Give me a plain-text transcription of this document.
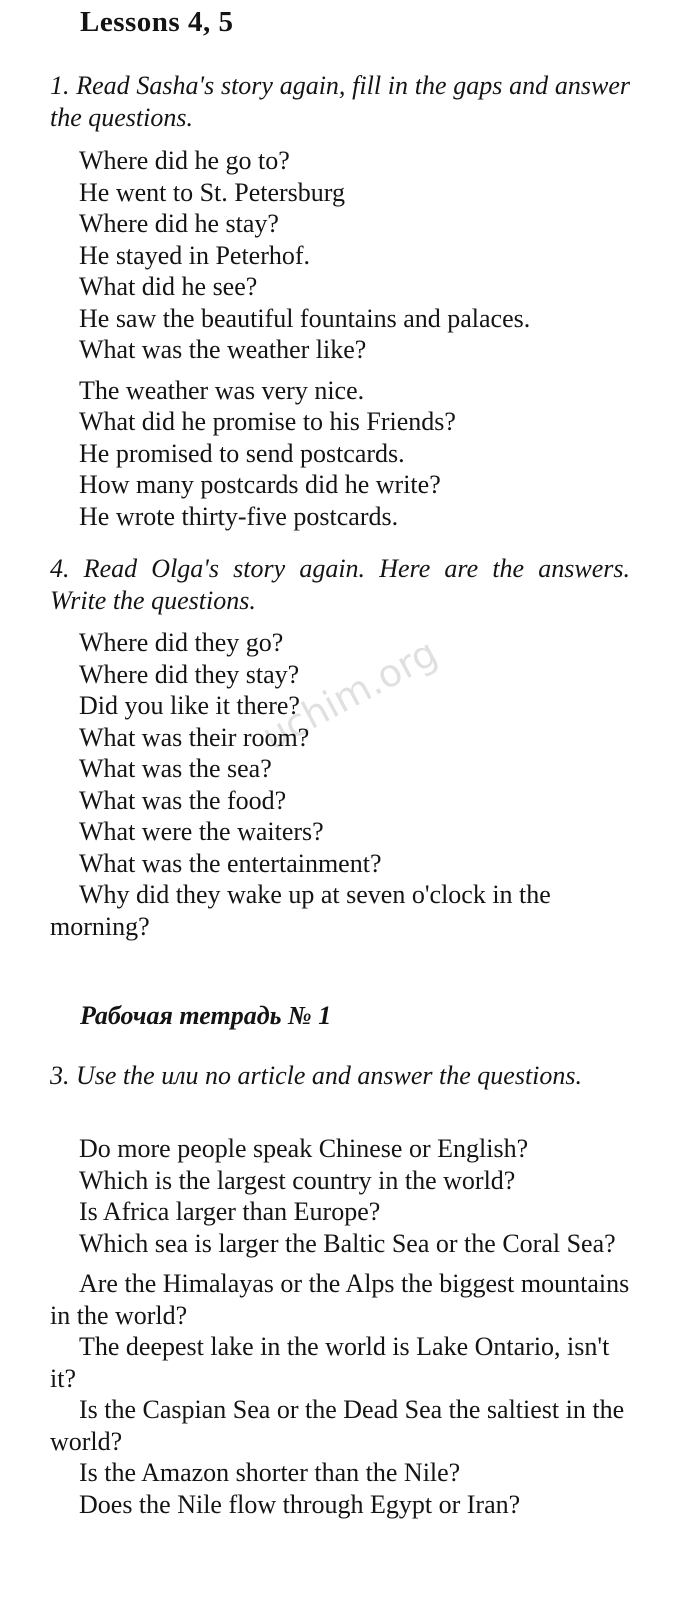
Lessons 4, 5

1. Read Sasha's story again, fill in the gaps and answer the questions.

Where did he go to?
He went to St. Petersburg
Where did he stay?
He stayed in Peterhof.
What did he see?
He saw the beautiful fountains and palaces.
What was the weather like?
The weather was very nice.
What did he promise to his Friends?
He promised to send postcards.
How many postcards did he write?
He wrote thirty-five postcards.

4. Read Olga's story again. Here are the answers. Write the questions.

Where did they go?
Where did they stay?
Did you like it there?
What was their room?
What was the sea?
What was the food?
What were the waiters?
What was the entertainment?
Why did they wake up at seven o'clock in the morning?
Рабочая тетрадь № 1

3. Use the или no article and answer the questions.

Do more people speak Chinese or English?
Which is the largest country in the world?
Is Africa larger than Europe?
Which sea is larger the Baltic Sea or the Coral Sea?
Are the Himalayas or the Alps the biggest mountains in the world?
The deepest lake in the world is Lake Ontario, isn't it?
Is the Caspian Sea or the Dead Sea the saltiest in the world?
Is the Amazon shorter than the Nile?
Does the Nile flow through Egypt or Iran?
uchim.org
